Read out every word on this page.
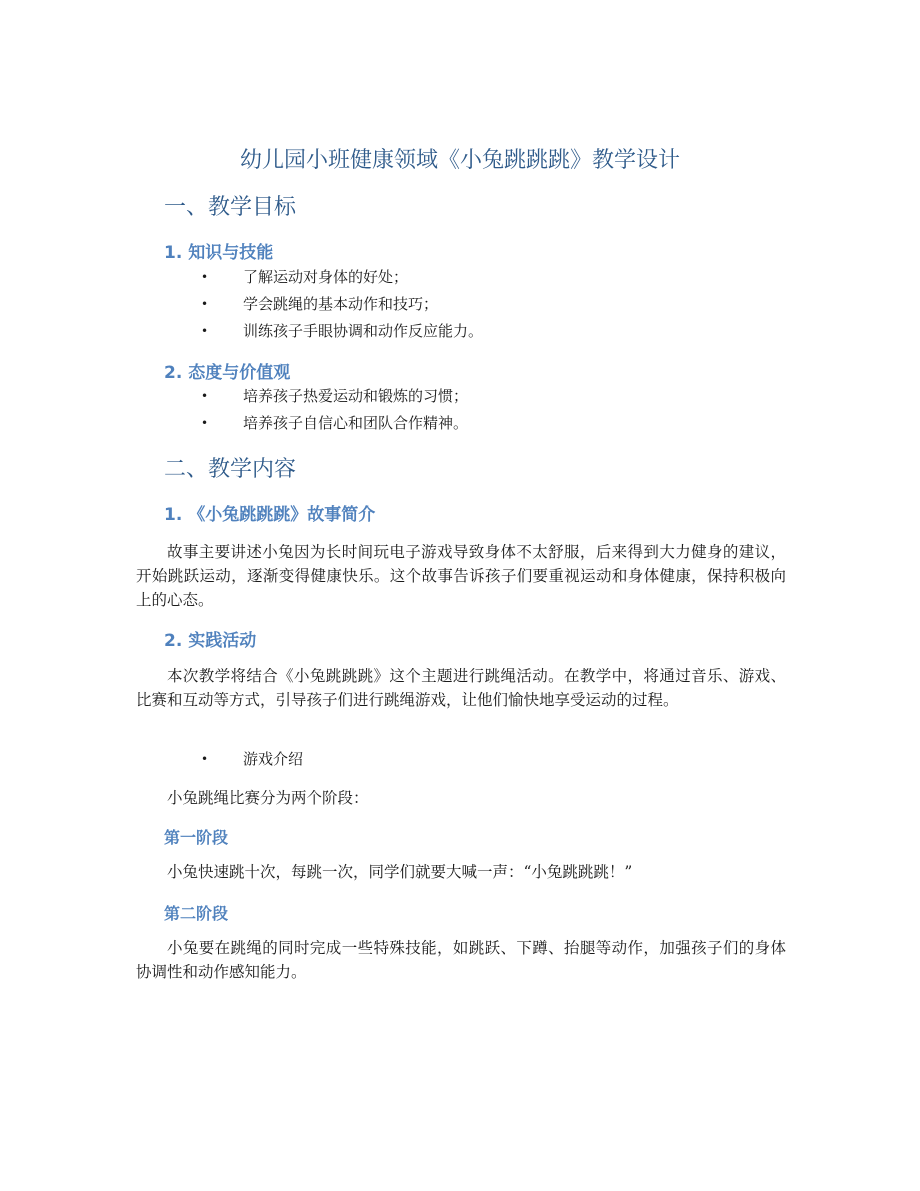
幼儿园小班健康领域《小兔跳跳跳》教学设计
一、教学目标
1. 知识与技能
• 了解运动对身体的好处；
• 学会跳绳的基本动作和技巧；
• 训练孩子手眼协调和动作反应能力。
2. 态度与价值观
• 培养孩子热爱运动和锻炼的习惯；
• 培养孩子自信心和团队合作精神。
二、教学内容
1. 《小兔跳跳跳》故事简介

故事主要讲述小兔因为长时间玩电子游戏导致身体不太舒服，后来得到大力健身的建议，开始跳跃运动，逐渐变得健康快乐。这个故事告诉孩子们要重视运动和身体健康，保持积极向上的心态。

2. 实践活动

本次教学将结合《小兔跳跳跳》这个主题进行跳绳活动。在教学中，将通过音乐、游戏、比赛和互动等方式，引导孩子们进行跳绳游戏，让他们愉快地享受运动的过程。

• 游戏介绍

小兔跳绳比赛分为两个阶段：

第一阶段

小兔快速跳十次，每跳一次，同学们就要大喊一声：“小兔跳跳跳！”

第二阶段

小兔要在跳绳的同时完成一些特殊技能，如跳跃、下蹲、抬腿等动作，加强孩子们的身体协调性和动作感知能力。
